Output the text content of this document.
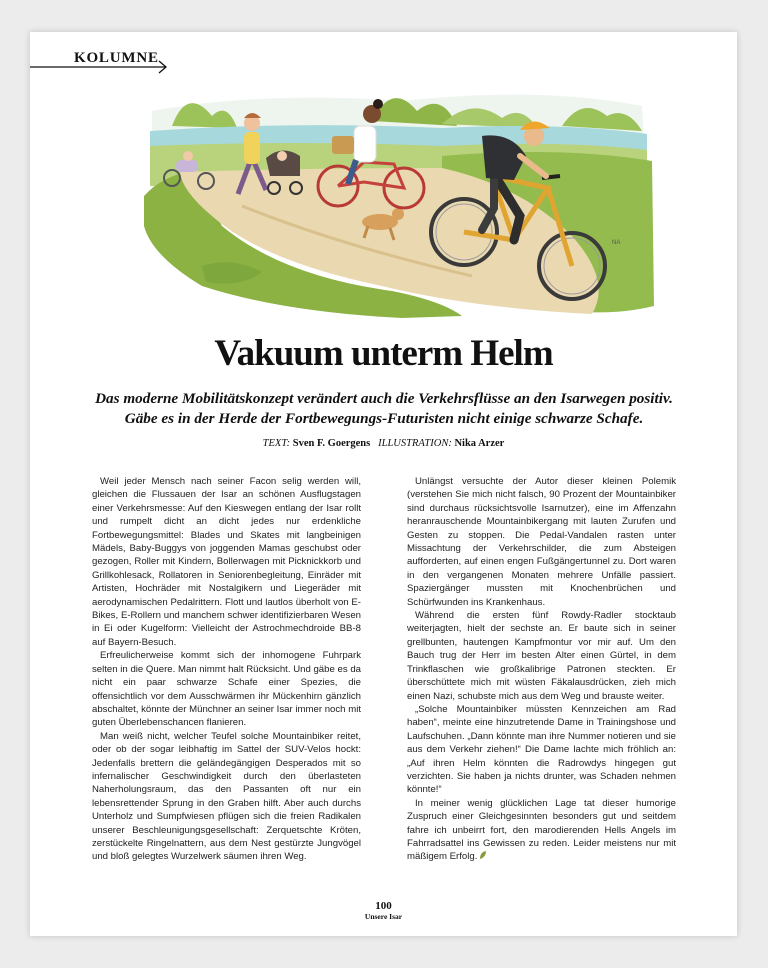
KOLUMNE
NA
Vakuum unterm Helm

Das moderne Mobilitätskonzept verändert auch die Verkehrsflüsse an den Isarwegen positiv. Gäbe es in der Herde der Fortbewegungs-Futuristen nicht einige schwarze Schafe.

TEXT: Sven F. Goergens ILLUSTRATION: Nika Arzer

Weil jeder Mensch nach seiner Facon selig werden will, gleichen die Flussauen der Isar an schönen Ausflugstagen einer Verkehrsmesse: Auf den Kieswegen entlang der Isar rollt und rumpelt dicht an dicht jedes nur erdenkliche Fortbewegungsmittel: Blades und Skates mit langbeinigen Mädels, Baby-Buggys von joggenden Mamas geschubst oder gezogen, Roller mit Kindern, Bollerwagen mit Picknickkorb und Grillkohlesack, Rollatoren in Seniorenbegleitung, Einräder mit Artisten, Hochräder mit Nostalgikern und Liegeräder mit aerodynamischen Pedalrittern. Flott und lautlos überholt von E-Bikes, E-Rollern und manchem schwer identifizierbaren Wesen in Ei oder Kugelform: Vielleicht der Astrochmechdroide BB-8 auf Bayern-Besuch.

Erfreulicherweise kommt sich der inhomogene Fuhrpark selten in die Quere. Man nimmt halt Rücksicht. Und gäbe es da nicht ein paar schwarze Schafe einer Spezies, die offensichtlich vor dem Ausschwärmen ihr Mückenhirn gänzlich abschaltet, könnte der Münchner an seiner Isar immer noch mit guten Überlebenschancen flanieren.

Man weiß nicht, welcher Teufel solche Mountainbiker reitet, oder ob der sogar leibhaftig im Sattel der SUV-Velos hockt: Jedenfalls brettern die geländegängigen Desperados mit so infernalischer Geschwindigkeit durch den überlasteten Naherholungsraum, das den Passanten oft nur ein lebensrettender Sprung in den Graben hilft. Aber auch durchs Unterholz und Sumpfwiesen pflügen sich die freien Radikalen unserer Beschleunigungsgesellschaft: Zerquetschte Kröten, zerstückelte Ringelnattern, aus dem Nest gestürzte Jungvögel und bloß gelegtes Wurzelwerk säumen ihren Weg.

Unlängst versuchte der Autor dieser kleinen Polemik (verstehen Sie mich nicht falsch, 90 Prozent der Mountainbiker sind durchaus rücksichtsvolle Isarnutzer), eine im Affenzahn heranrauschende Mountainbikergang mit lauten Zurufen und Gesten zu stoppen. Die Pedal-Vandalen rasten unter Missachtung der Verkehrschilder, die zum Absteigen aufforderten, auf einen engen Fußgängertunnel zu. Dort waren in den vergangenen Monaten mehrere Unfälle passiert. Spaziergänger mussten mit Knochenbrüchen und Schürfwunden ins Krankenhaus.

Während die ersten fünf Rowdy-Radler stocktaub weiterjagten, hielt der sechste an. Er baute sich in seiner grellbunten, hautengen Kampfmontur vor mir auf. Um den Bauch trug der Herr im besten Alter einen Gürtel, in dem Trinkflaschen wie großkalibrige Patronen steckten. Er überschüttete mich mit wüsten Fäkalausdrücken, zieh mich einen Nazi, schubste mich aus dem Weg und brauste weiter.

„Solche Mountainbiker müssten Kennzeichen am Rad haben“, meinte eine hinzutretende Dame in Trainingshose und Laufschuhen. „Dann könnte man ihre Nummer notieren und sie aus dem Verkehr ziehen!“ Die Dame lachte mich fröhlich an: „Auf ihren Helm könnten die Radrowdys hingegen gut verzichten. Sie haben ja nichts drunter, was Schaden nehmen könnte!“

In meiner wenig glücklichen Lage tat dieser humorige Zuspruch einer Gleichgesinnten besonders gut und seitdem fahre ich unbeirrt fort, den marodierenden Hells Angels im Fahrradsattel ins Gewissen zu reden. Leider meistens nur mit mäßigem Erfolg.

100
Unsere Isar
